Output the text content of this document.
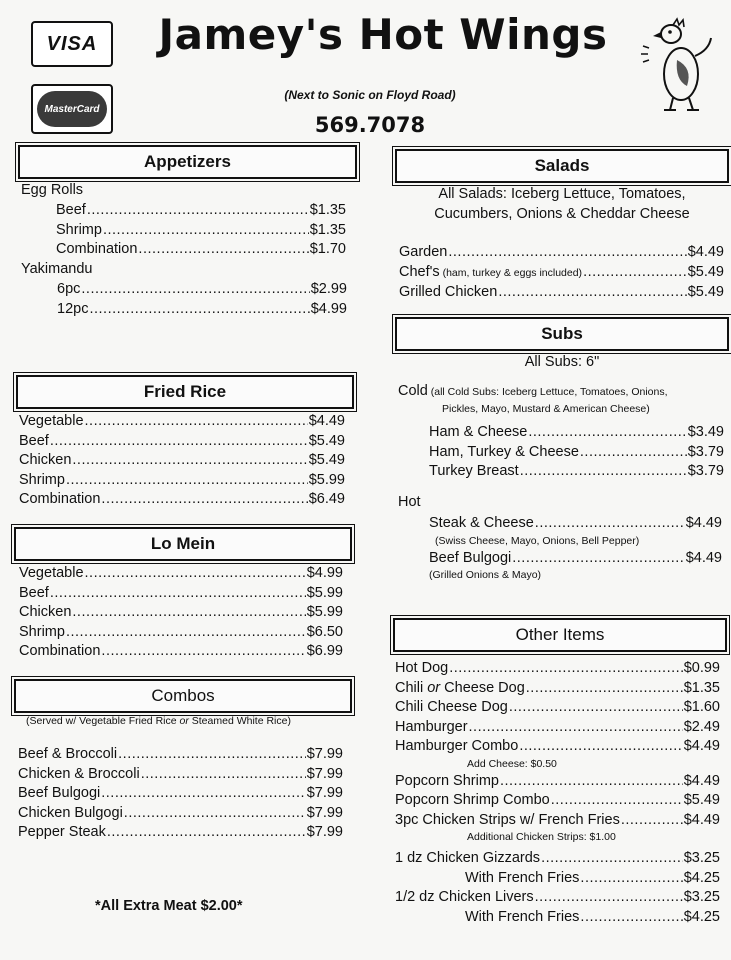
VISA
MasterCard
Jamey's Hot Wings
(Next to Sonic on Floyd Road)
569.7078
Appetizers
Egg Rolls
Beef .....	$1.35
Shrimp .....	$1.35
Combination .....	$1.70
Yakimandu
6pc .....	$2.99
12pc .....	$4.99
Fried Rice
Vegetable .....	$4.49
Beef .....	$5.49
Chicken .....	$5.49
Shrimp .....	$5.99
Combination .....	$6.49
Lo Mein
Vegetable .....	$4.99
Beef .....	$5.99
Chicken .....	$5.99
Shrimp .....	$6.50
Combination .....	$6.99
Combos
(Served w/ Vegetable Fried Rice or Steamed White Rice)
Beef & Broccoli .....	$7.99
Chicken & Broccoli .....	$7.99
Beef Bulgogi .....	$7.99
Chicken Bulgogi .....	$7.99
Pepper Steak .....	$7.99
*All Extra Meat $2.00*
Salads
All Salads: Iceberg Lettuce, Tomatoes,
Cucumbers, Onions & Cheddar Cheese
Garden .....	$4.49
Chef's (ham, turkey & eggs included) .....	$5.49
Grilled Chicken .....	$5.49
Subs
All Subs: 6"
Cold (all Cold Subs: Iceberg Lettuce, Tomatoes, Onions,
Pickles, Mayo, Mustard & American Cheese)
Ham & Cheese .....	$3.49
Ham, Turkey & Cheese .....	$3.79
Turkey Breast .....	$3.79
Hot
Steak & Cheese .....	$4.49
(Swiss Cheese, Mayo, Onions, Bell Pepper)
Beef Bulgogi .....	$4.49
(Grilled Onions & Mayo)
Other Items
Hot Dog .....	$0.99
Chili or Cheese Dog .....	$1.35
Chili Cheese Dog .....	$1.60
Hamburger .....	$2.49
Hamburger Combo .....	$4.49
Add Cheese: $0.50
Popcorn Shrimp .....	$4.49
Popcorn Shrimp Combo .....	$5.49
3pc Chicken Strips w/ French Fries .....	$4.49
Additional Chicken Strips: $1.00
1 dz Chicken Gizzards .....	$3.25
With French Fries .....	$4.25
1/2 dz Chicken Livers .....	$3.25
With French Fries .....	$4.25
